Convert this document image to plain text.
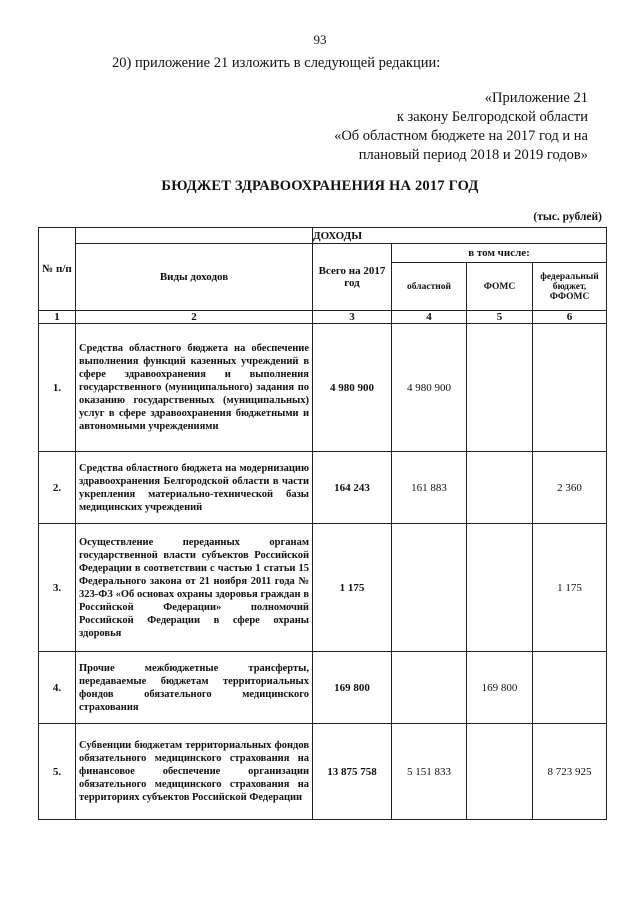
93
20) приложение 21 изложить в следующей редакции:
«Приложение 21
к закону Белгородской области
«Об областном бюджете на 2017 год и на
плановый период 2018 и 2019 годов»
БЮДЖЕТ ЗДРАВООХРАНЕНИЯ НА 2017 ГОД
(тыс. рублей)
№ п/п		ДОХОДЫ			
	Виды доходов	Всего на 2017 год	в том числе:		
			областной	ФОМС	федеральный бюджет, ФФОМС
1	2	3	4	5	6
1.	Средства областного бюджета на обеспечение выполнения функций казенных учреждений в сфере здравоохранения и выполнения государственного (муниципального) задания по оказанию государственных (муниципальных) услуг в сфере здравоохранения бюджетными и автономными учреждениями	4 980 900	4 980 900		
2.	Средства областного бюджета на модернизацию здравоохранения Белгородской области в части укрепления материально-технической базы медицинских учреждений	164 243	161 883		2 360
3.	Осуществление переданных органам государственной власти субъектов Российской Федерации в соответствии с частью 1 статьи 15 Федерального закона от 21 ноября 2011 года № 323-ФЗ «Об основах охраны здоровья граждан в Российской Федерации» полномочий Российской Федерации в сфере охраны здоровья	1 175			1 175
4.	Прочие межбюджетные трансферты, передаваемые бюджетам территориальных фондов обязательного медицинского страхования	169 800		169 800	
5.	Субвенции бюджетам территориальных фондов обязательного медицинского страхования на финансовое обеспечение организации обязательного медицинского страхования на территориях субъектов Российской Федерации	13 875 758	5 151 833		8 723 925
